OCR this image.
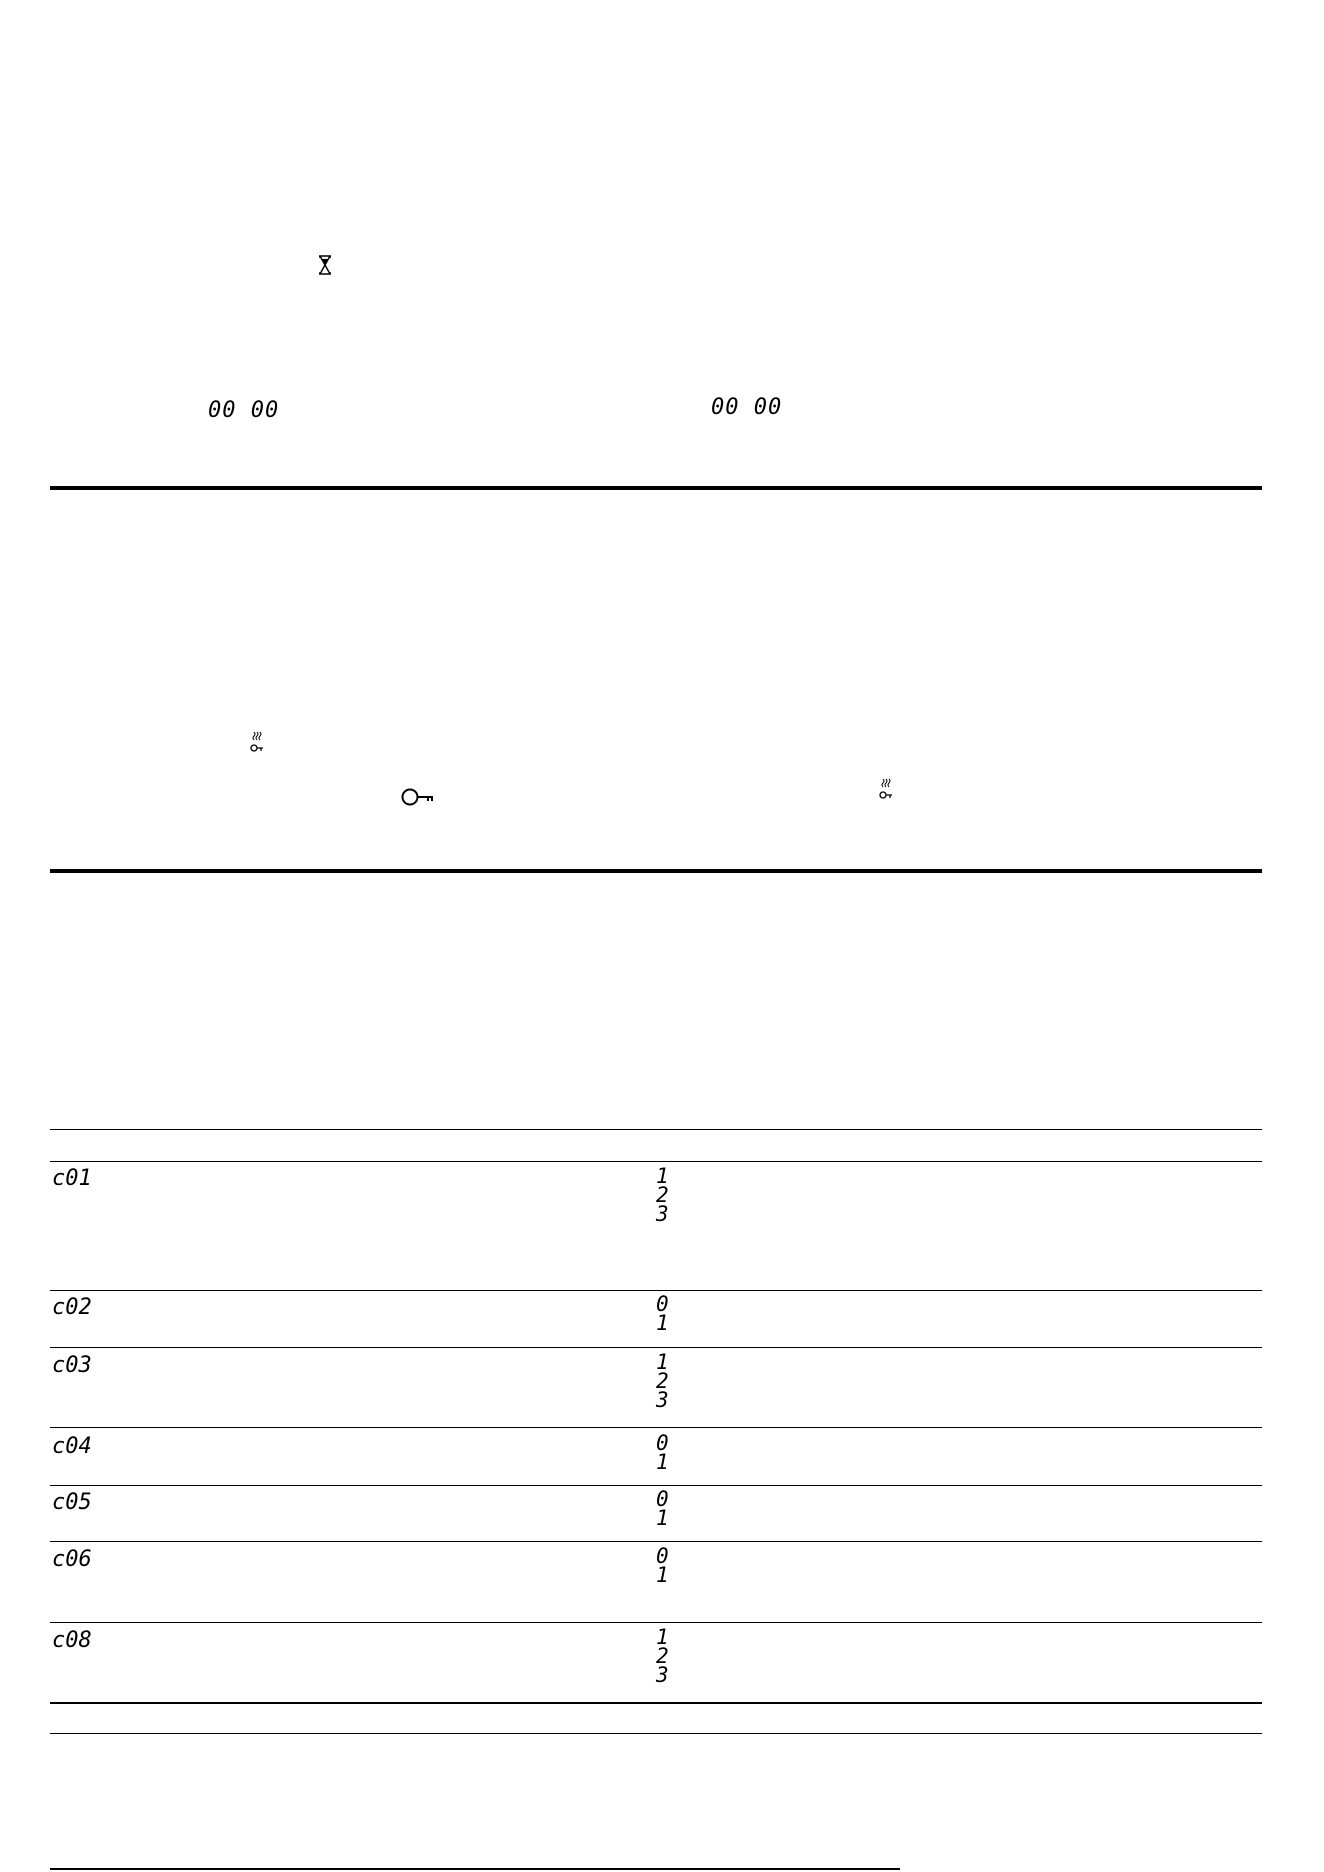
00 00	00 00
c01	1
2
3
c02	0
1
c03	1
2
3
c04	0
1
c05	0
1
c06	0
1
c08	1
2
3
